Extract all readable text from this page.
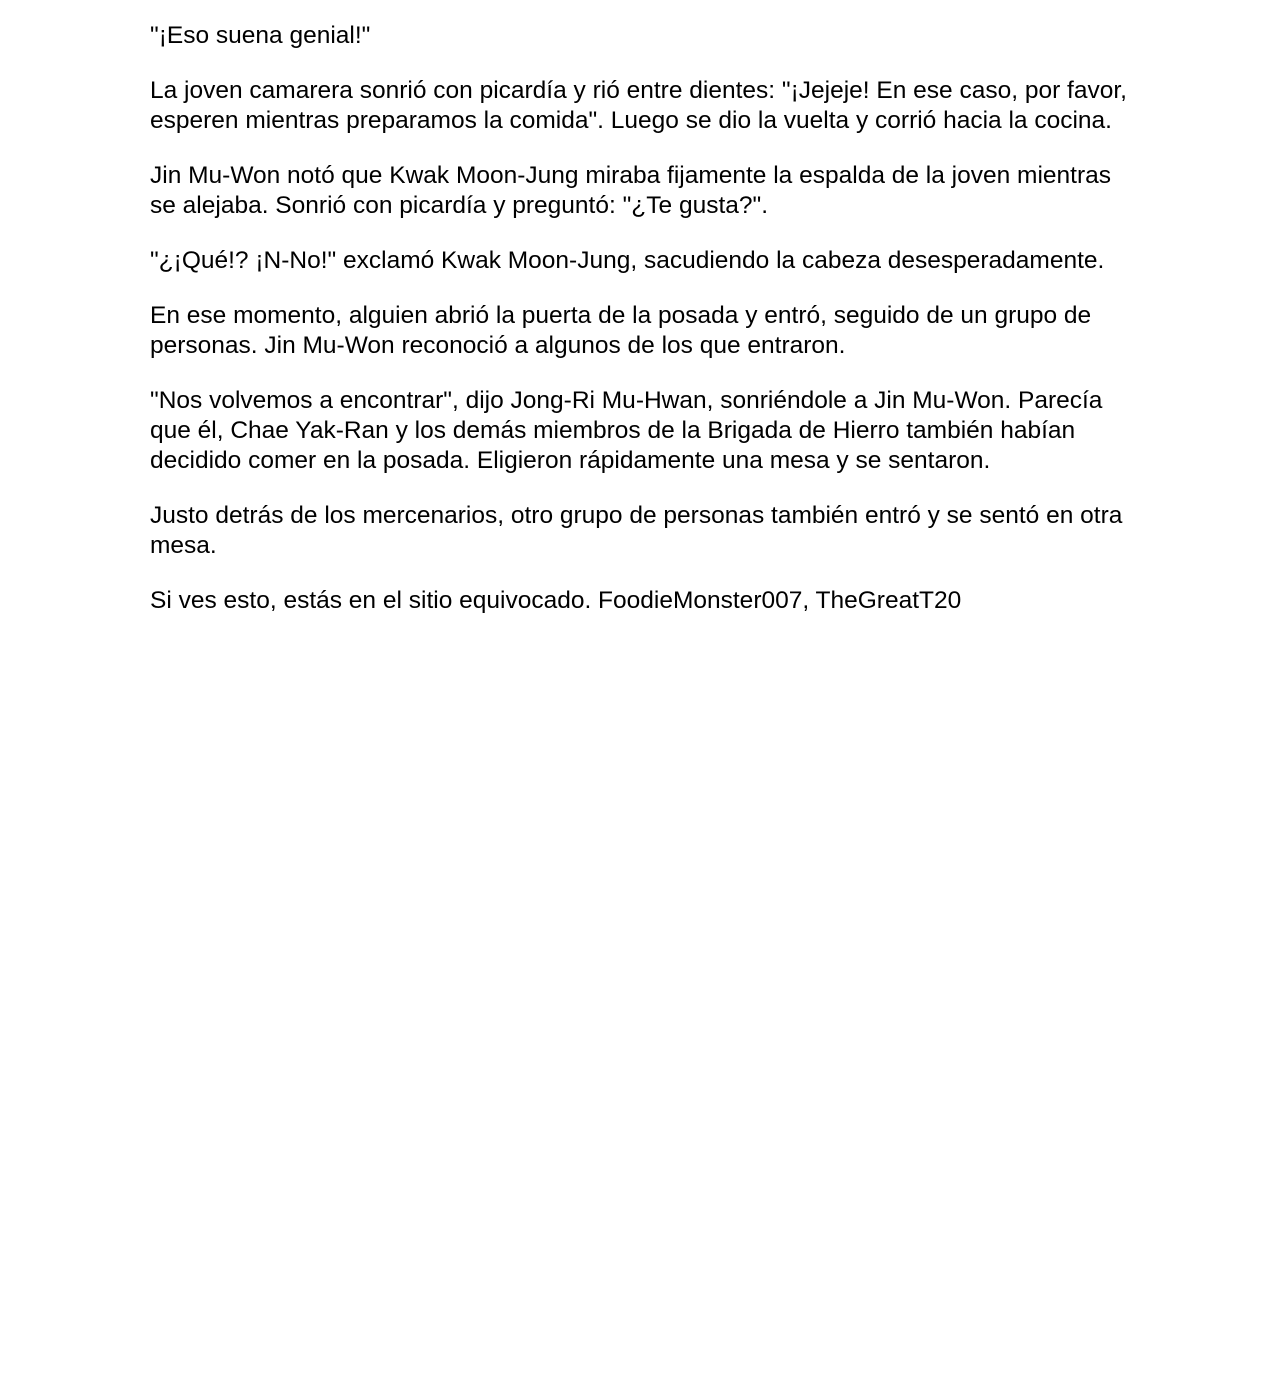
"¡Eso suena genial!"

La joven camarera sonrió con picardía y rió entre dientes: "¡Jejeje! En ese caso, por favor, esperen mientras preparamos la comida". Luego se dio la vuelta y corrió hacia la cocina.

Jin Mu-Won notó que Kwak Moon-Jung miraba fijamente la espalda de la joven mientras se alejaba. Sonrió con picardía y preguntó: "¿Te gusta?".

"¿¡Qué!? ¡N-No!" exclamó Kwak Moon-Jung, sacudiendo la cabeza desesperadamente.

En ese momento, alguien abrió la puerta de la posada y entró, seguido de un grupo de personas. Jin Mu-Won reconoció a algunos de los que entraron.

"Nos volvemos a encontrar", dijo Jong-Ri Mu-Hwan, sonriéndole a Jin Mu-Won. Parecía que él, Chae Yak-Ran y los demás miembros de la Brigada de Hierro también habían decidido comer en la posada. Eligieron rápidamente una mesa y se sentaron.

Justo detrás de los mercenarios, otro grupo de personas también entró y se sentó en otra mesa.

Si ves esto, estás en el sitio equivocado. FoodieMonster007, TheGreatT20
